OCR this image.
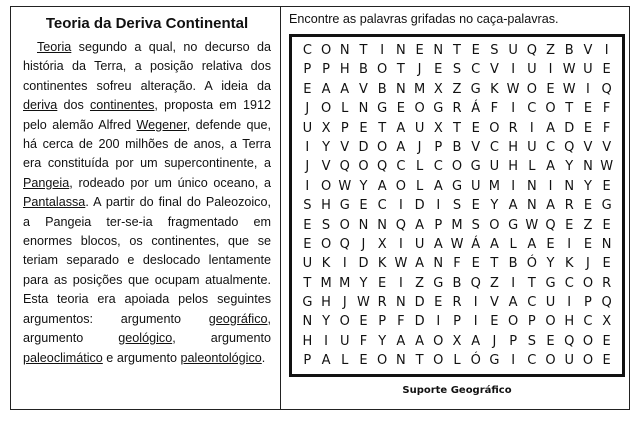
Teoria da Deriva Continental

Teoria segundo a qual, no decurso da história da Terra, a posição relativa dos continentes sofreu alteração. A ideia da deriva dos continentes, proposta em 1912 pelo alemão Alfred Wegener, defende que, há cerca de 200 milhões de anos, a Terra era constituída por um supercontinente, a Pangeia, rodeado por um único oceano, a Pantalassa. A partir do final do Paleozoico, a Pangeia ter-se-ia fragmentado em enormes blocos, os continentes, que se teriam separado e deslocado lentamente para as posições que ocupam atualmente. Esta teoria era apoiada pelos seguintes argumentos: argumento geográfico, argumento geológico, argumento paleoclimático e argumento paleontológico.

Encontre as palavras grifadas no caça-palavras.
C O N T I N E N T E S U Q Z B V I
P P H B O T J E S C V I U I W U E
E A A V B N M X Z G K W O E W I Q
J O L N G E O G R Á F	I C O T E F
U X P E T A U X T E O R I A D E F
I Y V D O A J P B V C H U C Q V V
J V Q O Q C L C O G U H L A Y N W
I O W Y A O L A G U M I N I N Y E
S H G E C I D I S E Y A N A R E G
E S O N N Q A P M S O G W Q E Z E
E O Q J X I U A W Á A L A E I E N
U K I D K W A N F E T B Ó Y K J E
T M M Y E I Z G B Q Z I T G C O R
G H J W R N D E R I V A C U I P Q
N Y O E P F D I P I E O P O H C X
H I U F Y A A O X A J P S E Q O E
P A L E O N T O L Ó G I C O U O E
Suporte Geográfico
